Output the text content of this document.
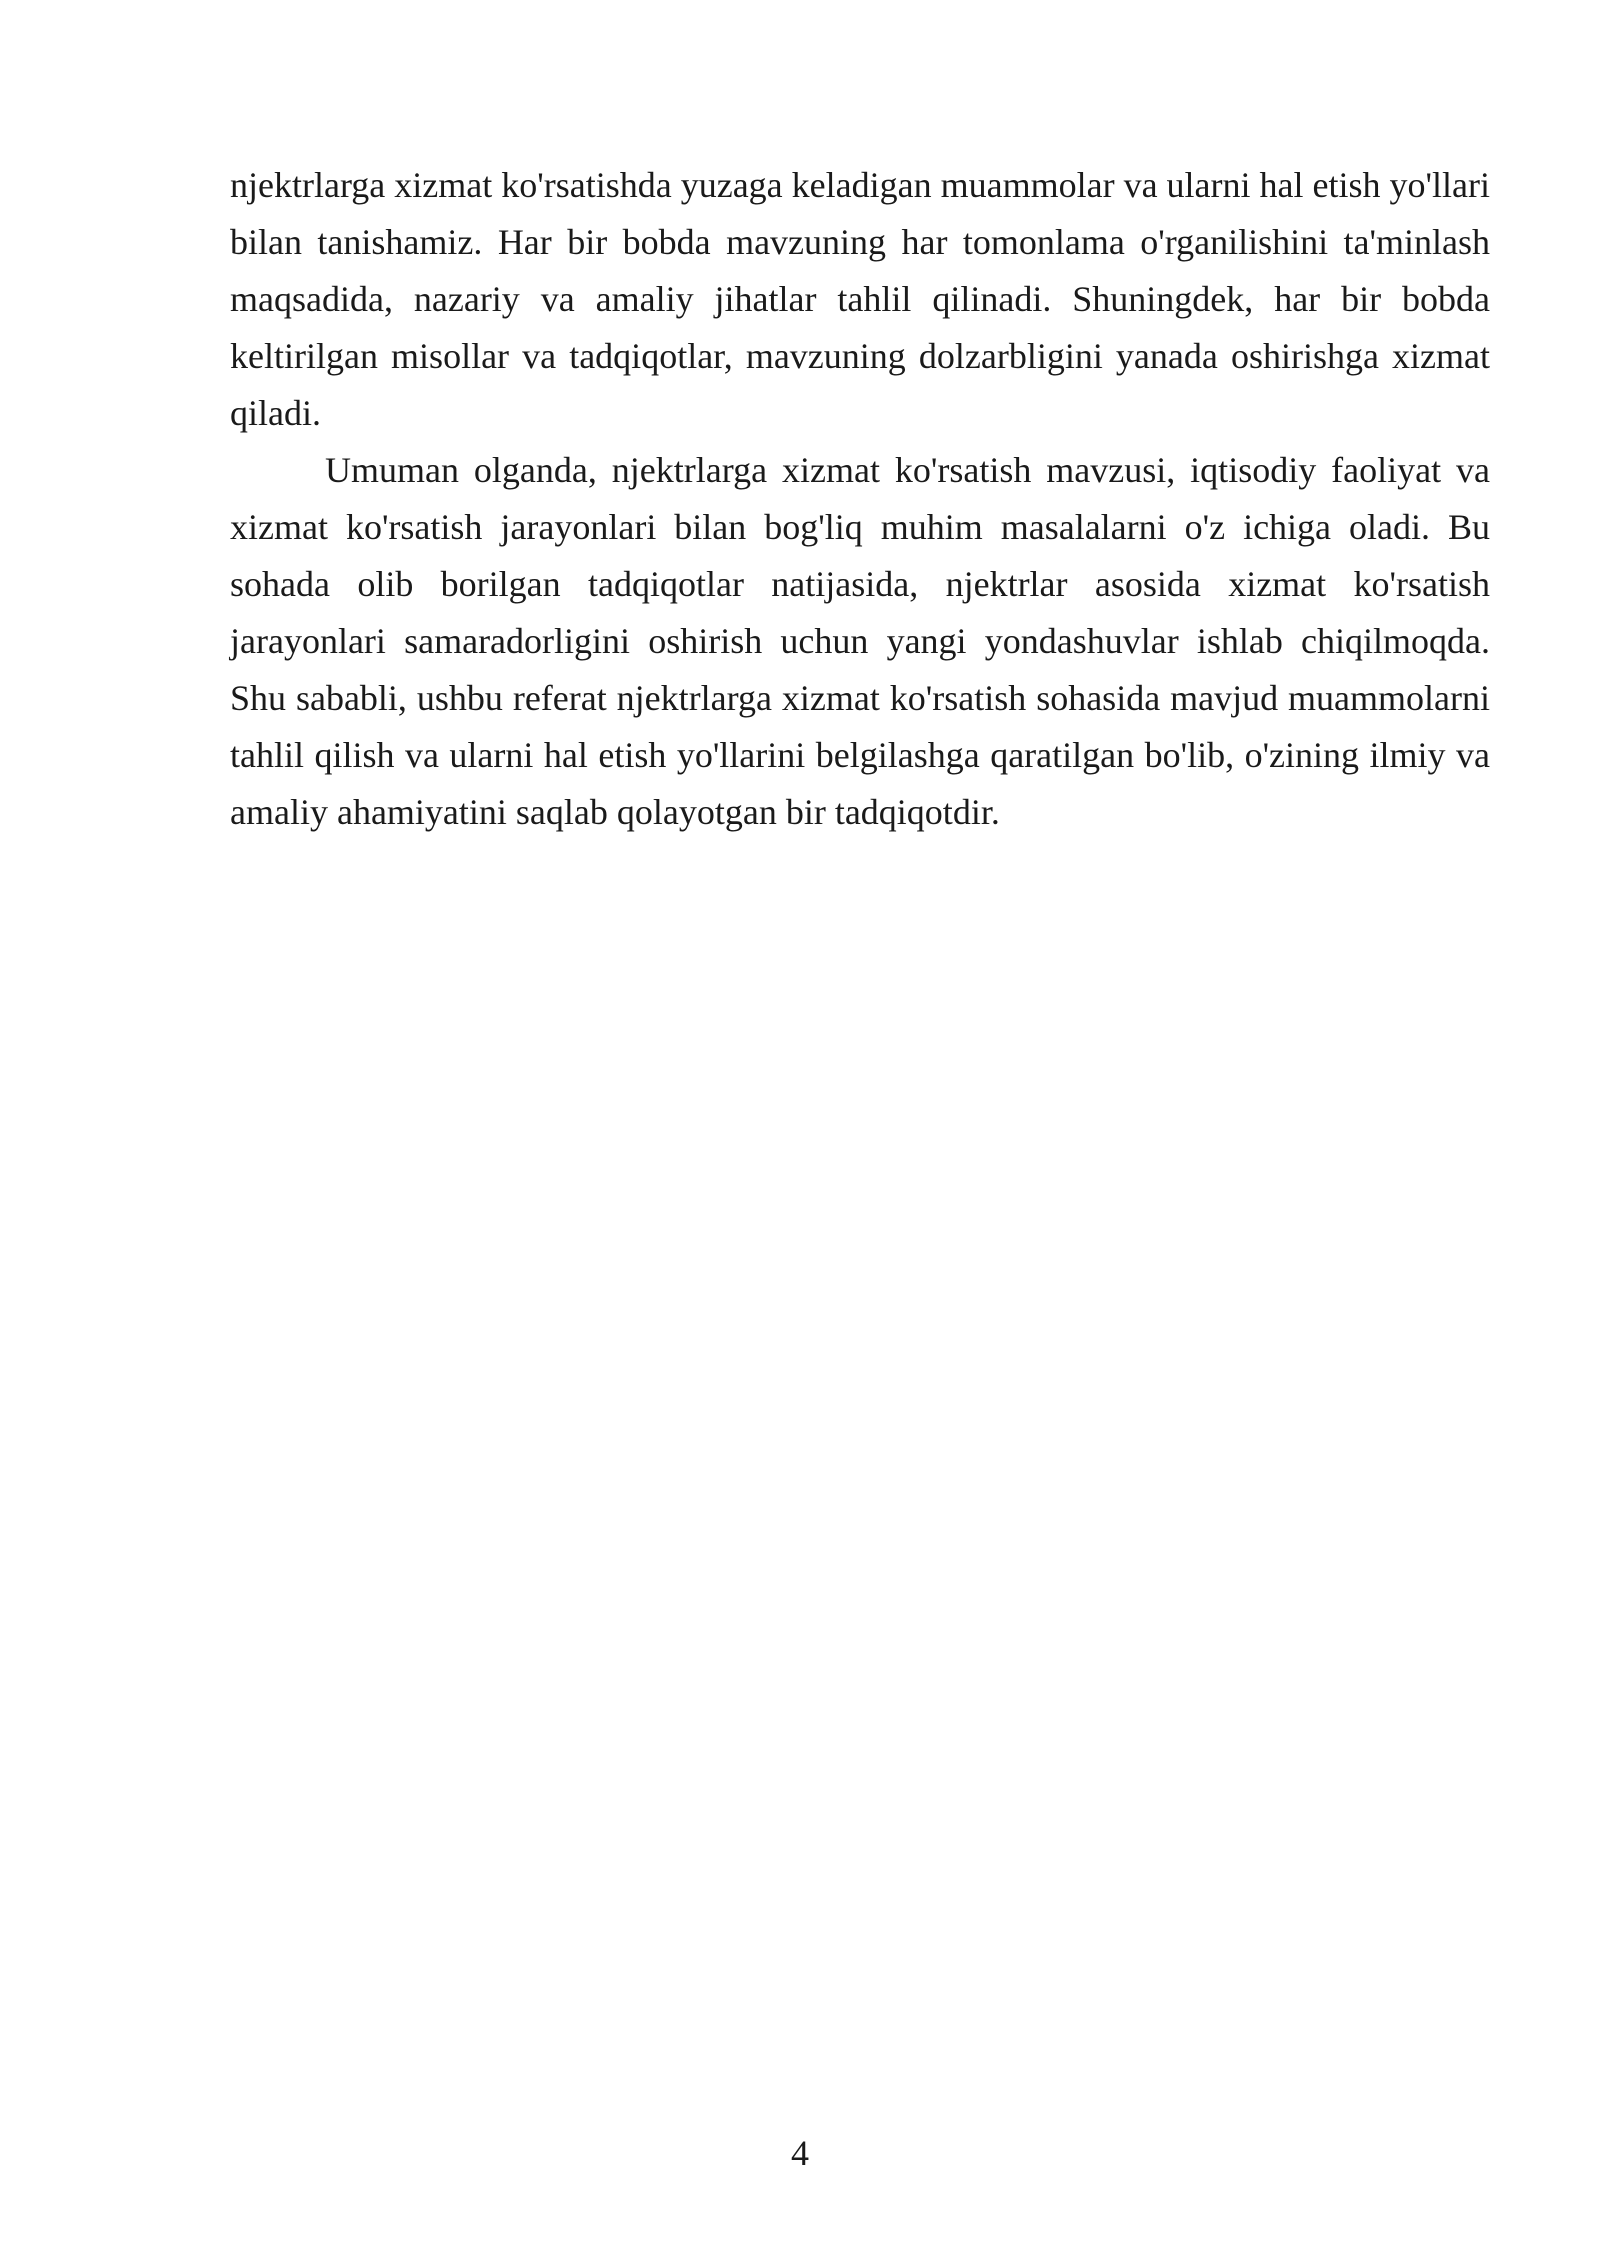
njektrlarga xizmat ko'rsatishda yuzaga keladigan muammolar va ularni hal etish yo'llari bilan tanishamiz. Har bir bobda mavzuning har tomonlama o'rganilishini ta'minlash maqsadida, nazariy va amaliy jihatlar tahlil qilinadi. Shuningdek, har bir bobda keltirilgan misollar va tadqiqotlar, mavzuning dolzarbligini yanada oshirishga xizmat qiladi.

Umuman olganda, njektrlarga xizmat ko'rsatish mavzusi, iqtisodiy faoliyat va xizmat ko'rsatish jarayonlari bilan bog'liq muhim masalalarni o'z ichiga oladi. Bu sohada olib borilgan tadqiqotlar natijasida, njektrlar asosida xizmat ko'rsatish jarayonlari samaradorligini oshirish uchun yangi yondashuvlar ishlab chiqilmoqda. Shu sababli, ushbu referat njektrlarga xizmat ko'rsatish sohasida mavjud muammolarni tahlil qilish va ularni hal etish yo'llarini belgilashga qaratilgan bo'lib, o'zining ilmiy va amaliy ahamiyatini saqlab qolayotgan bir tadqiqotdir.

4
